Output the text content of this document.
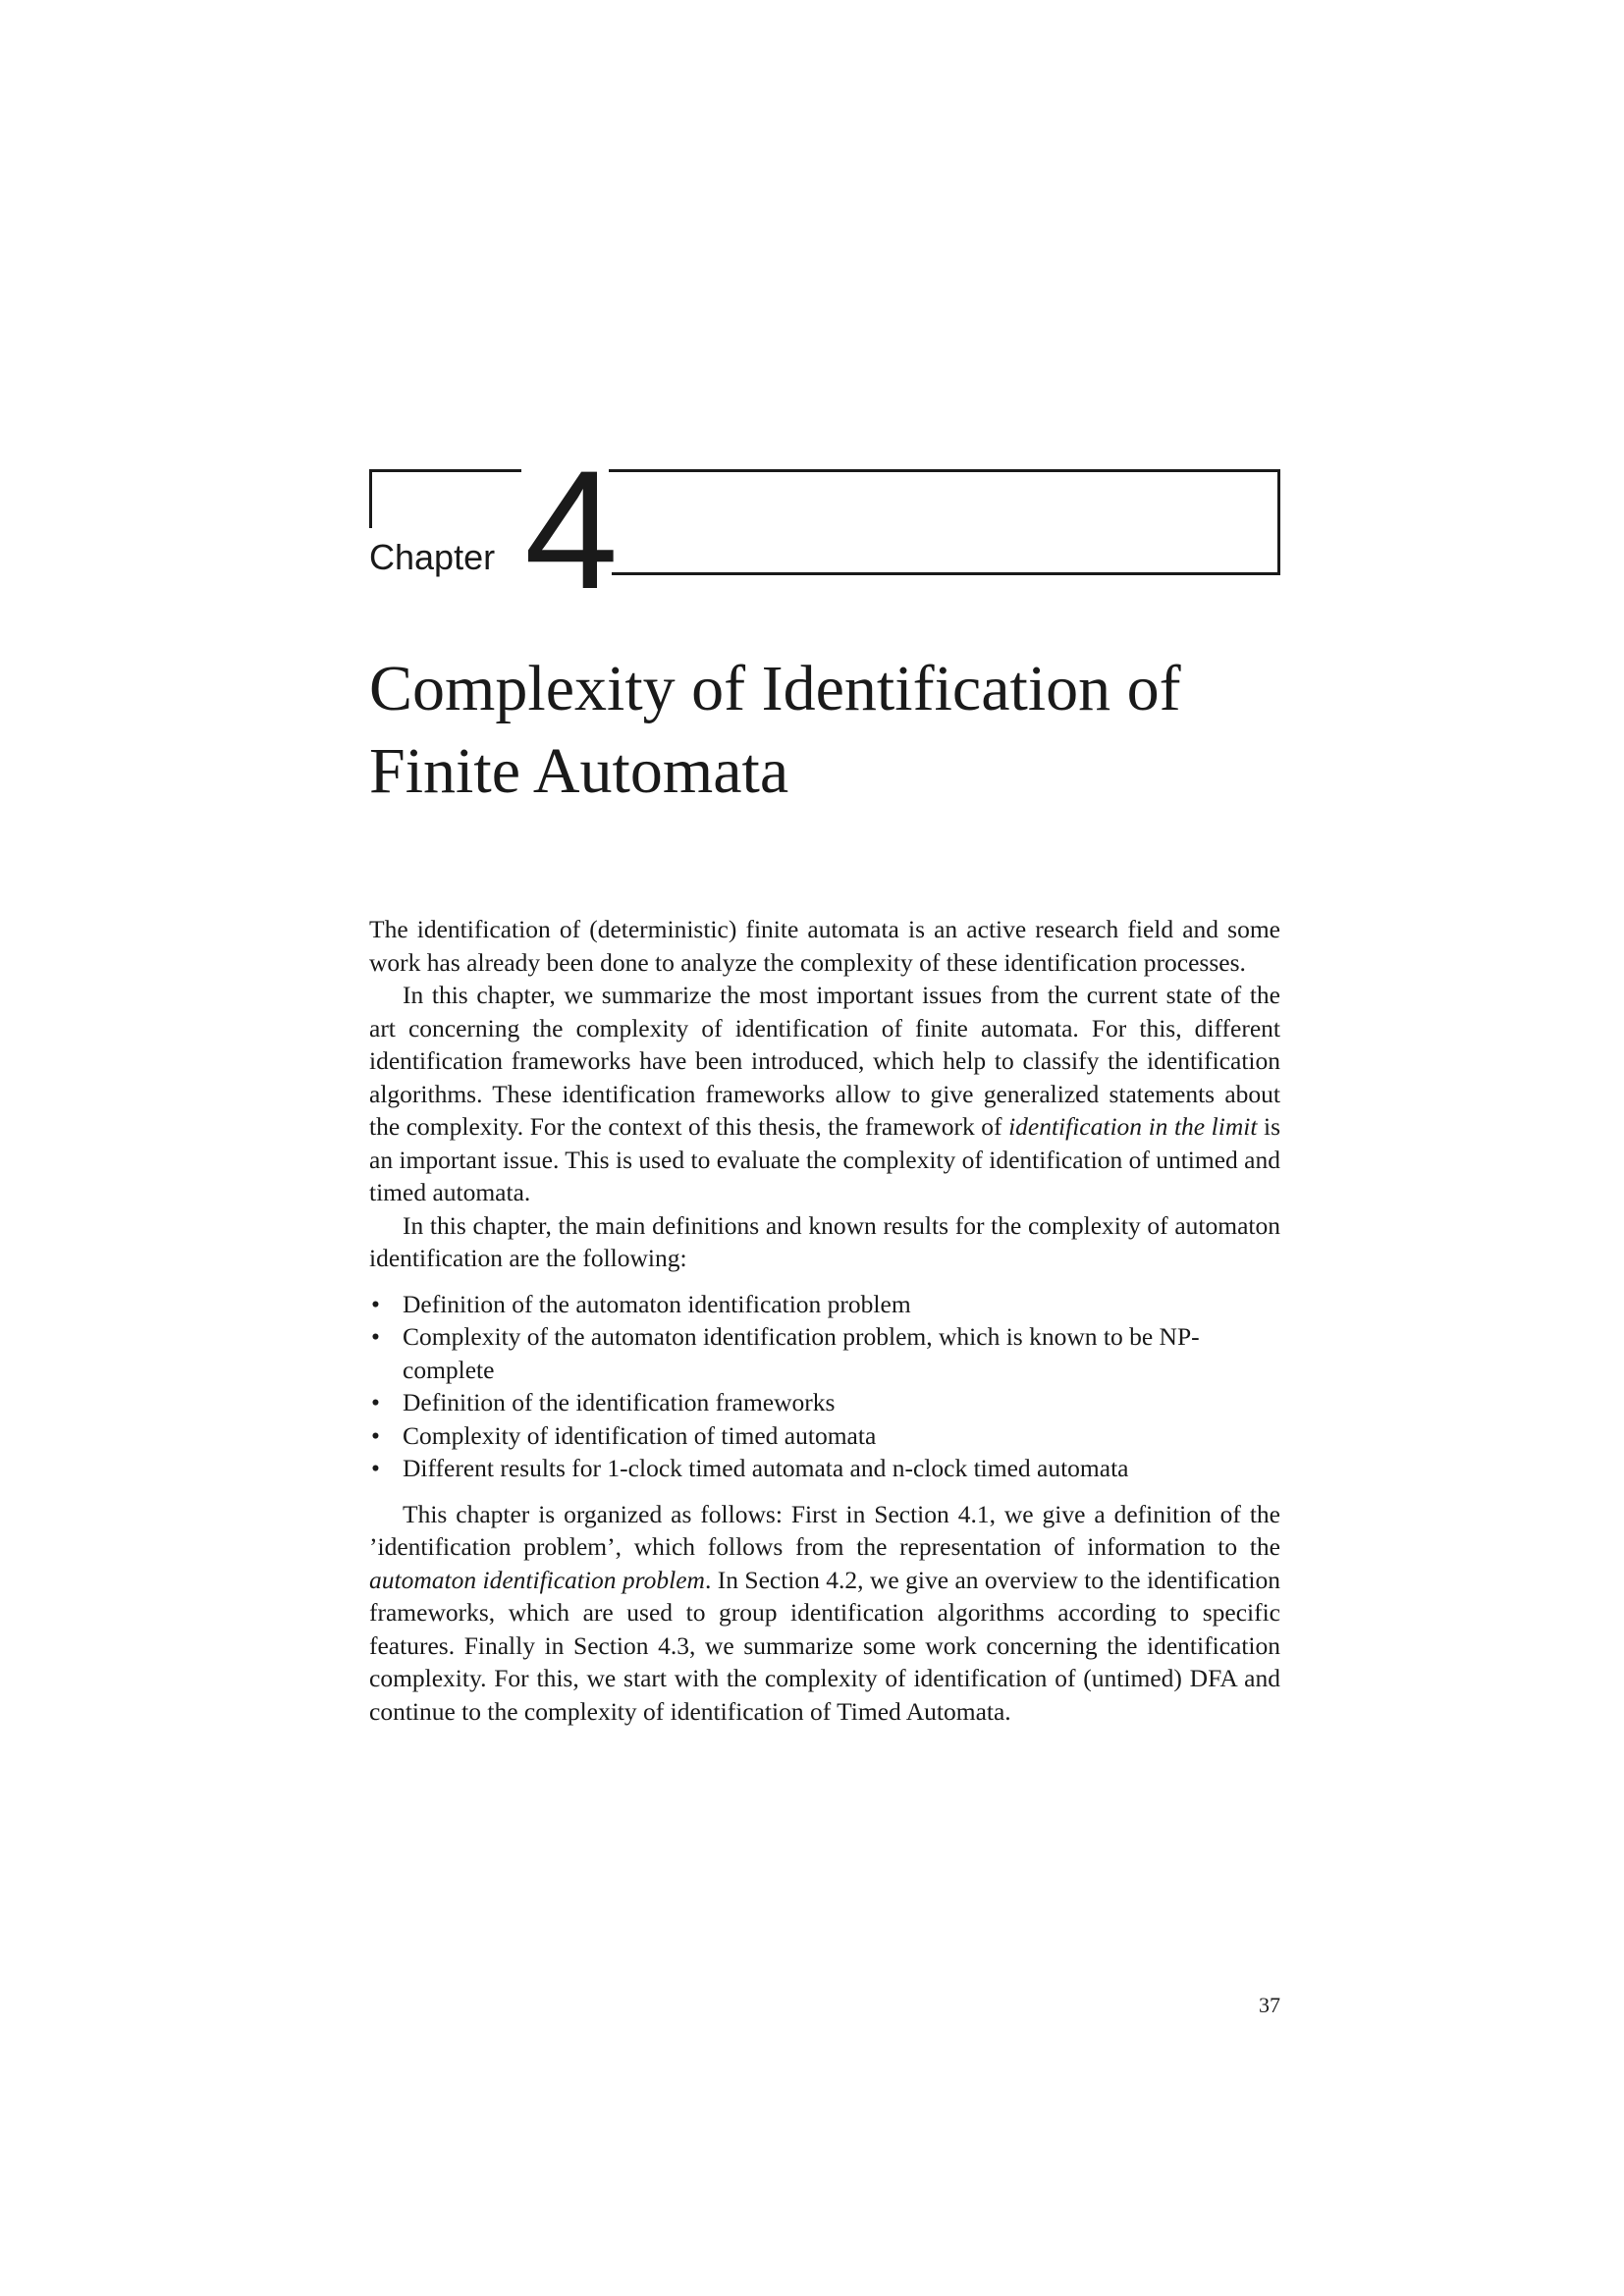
Chapter 4
Complexity of Identification of
Finite Automata

The identification of (deterministic) finite automata is an active research field and some work has already been done to analyze the complexity of these identification processes.

In this chapter, we summarize the most important issues from the current state of the art concerning the complexity of identification of finite automata. For this, different identification frameworks have been introduced, which help to classify the identification algorithms. These identification frameworks allow to give generalized statements about the complexity. For the context of this thesis, the framework of identification in the limit is an important issue. This is used to evaluate the complexity of identification of untimed and timed automata.

In this chapter, the main definitions and known results for the complexity of automaton identification are the following:

• Definition of the automaton identification problem
• Complexity of the automaton identification problem, which is known to be NP-complete
• Definition of the identification frameworks
• Complexity of identification of timed automata
• Different results for 1-clock timed automata and n-clock timed automata

This chapter is organized as follows: First in Section 4.1, we give a definition of the ’identification problem’, which follows from the representation of information to the automaton identification problem. In Section 4.2, we give an overview to the identification frameworks, which are used to group identification algorithms according to specific features. Finally in Section 4.3, we summarize some work concerning the identification complexity. For this, we start with the complexity of identification of (untimed) DFA and continue to the complexity of identification of Timed Automata.

37
